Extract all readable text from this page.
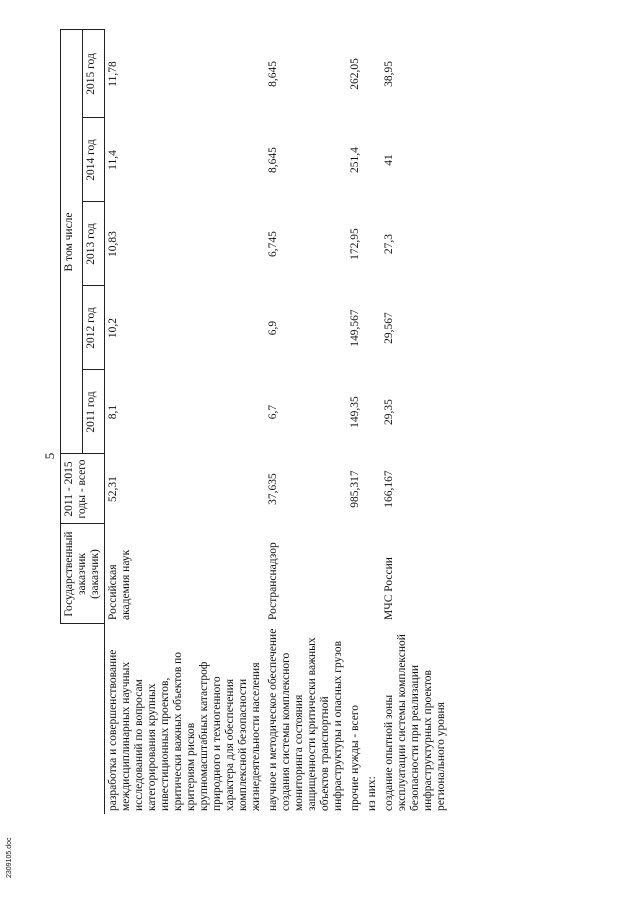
5
	Государственный заказчик (заказчик)	2011 - 2015 годы - всего	В том числе				
			2011 год	2012 год	2013 год	2014 год	2015 год
разработка и совершенствование междисциплинарных научных исследований по вопросам категорирования крупных инвестиционных проектов, критически важных объектов по критериям рисков крупномасштабных катастроф природного и техногенного характера для обеспечения комплексной безопасности жизнедеятельности населения	Российская академия наук	52,31	8,1	10,2	10,83	11,4	11,78
научное и методическое обеспечение создания системы комплексного мониторинга состояния защищенности критически важных объектов транспортной инфраструктуры и опасных грузов	Ространснадзор	37,635	6,7	6,9	6,745	8,645	8,645
прочие нужды - всего		985,317	149,35	149,567	172,95	251,4	262,05
из них:							
создание опытной зоны эксплуатации системы комплексной безопасности при реализации инфраструктурных проектов регионального уровня	МЧС России	166,167	29,35	29,567	27,3	41	38,95
2309105.doc
